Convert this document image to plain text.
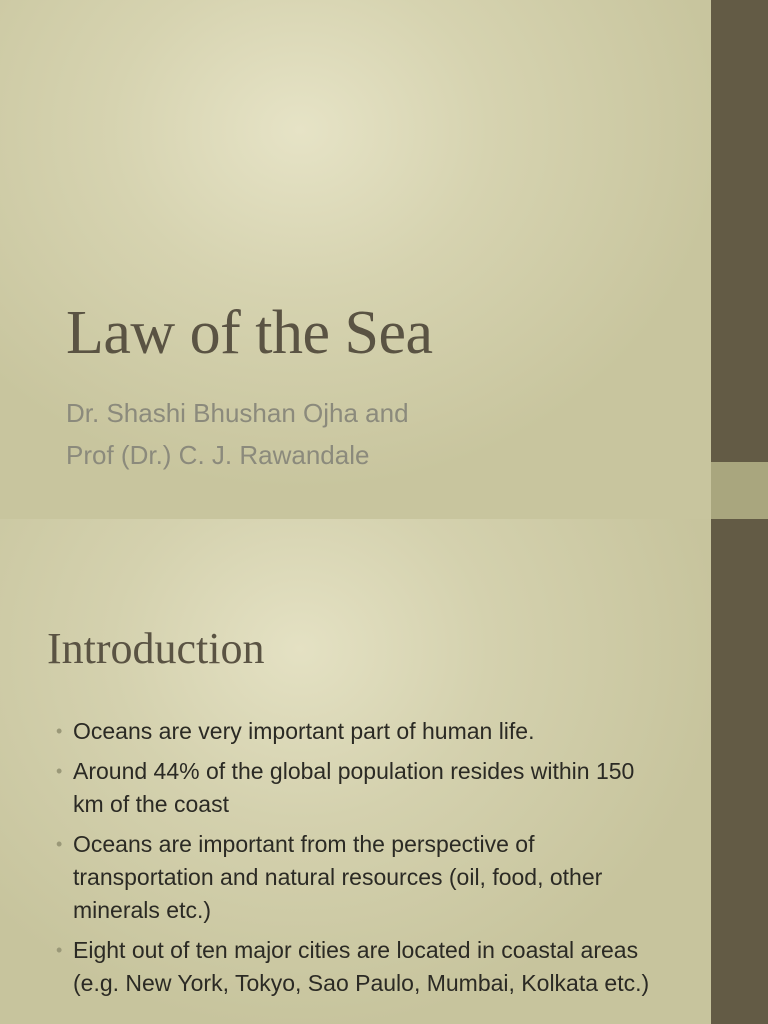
Law of the Sea
Dr. Shashi Bhushan Ojha and
Prof (Dr.) C. J. Rawandale
Introduction
• Oceans are very important part of human life.
• Around 44% of the global population resides within 150 km of the coast
• Oceans are important from the perspective of transportation and natural resources (oil, food, other minerals etc.)
• Eight out of ten major cities are located in coastal areas (e.g. New York, Tokyo, Sao Paulo, Mumbai, Kolkata etc.)
